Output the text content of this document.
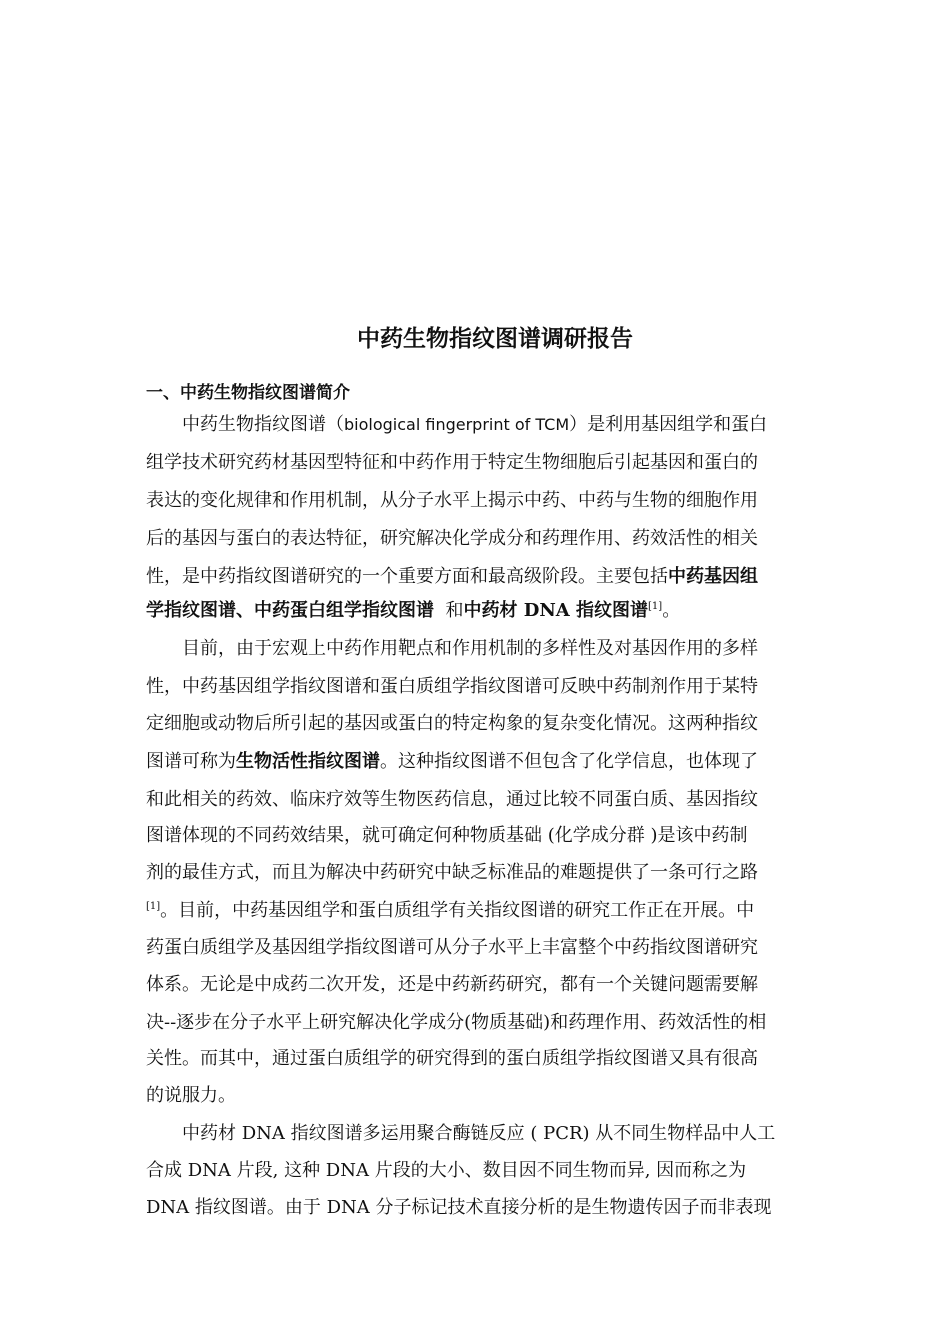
中药生物指纹图谱调研报告
一、中药生物指纹图谱简介
中药生物指纹图谱（biological fingerprint of TCM）是利用基因组学和蛋白
组学技术研究药材基因型特征和中药作用于特定生物细胞后引起基因和蛋白的
表达的变化规律和作用机制，从分子水平上揭示中药、中药与生物的细胞作用
后的基因与蛋白的表达特征，研究解决化学成分和药理作用、药效活性的相关
性，是中药指纹图谱研究的一个重要方面和最高级阶段。主要包括中药基因组
学指纹图谱、中药蛋白组学指纹图谱 和中药材 DNA 指纹图谱[1]。
目前，由于宏观上中药作用靶点和作用机制的多样性及对基因作用的多样
性，中药基因组学指纹图谱和蛋白质组学指纹图谱可反映中药制剂作用于某特
定细胞或动物后所引起的基因或蛋白的特定构象的复杂变化情况。这两种指纹
图谱可称为生物活性指纹图谱。这种指纹图谱不但包含了化学信息，也体现了
和此相关的药效、临床疗效等生物医药信息，通过比较不同蛋白质、基因指纹
图谱体现的不同药效结果，就可确定何种物质基础 (化学成分群 )是该中药制
剂的最佳方式，而且为解决中药研究中缺乏标准品的难题提供了一条可行之路
[1]。目前，中药基因组学和蛋白质组学有关指纹图谱的研究工作正在开展。中
药蛋白质组学及基因组学指纹图谱可从分子水平上丰富整个中药指纹图谱研究
体系。无论是中成药二次开发，还是中药新药研究，都有一个关键问题需要解
决--逐步在分子水平上研究解决化学成分(物质基础)和药理作用、药效活性的相
关性。而其中，通过蛋白质组学的研究得到的蛋白质组学指纹图谱又具有很高
的说服力。
中药材 DNA 指纹图谱多运用聚合酶链反应 ( PCR) 从不同生物样品中人工
合成 DNA 片段, 这种 DNA 片段的大小、数目因不同生物而异, 因而称之为
DNA 指纹图谱。由于 DNA 分子标记技术直接分析的是生物遗传因子而非表现
